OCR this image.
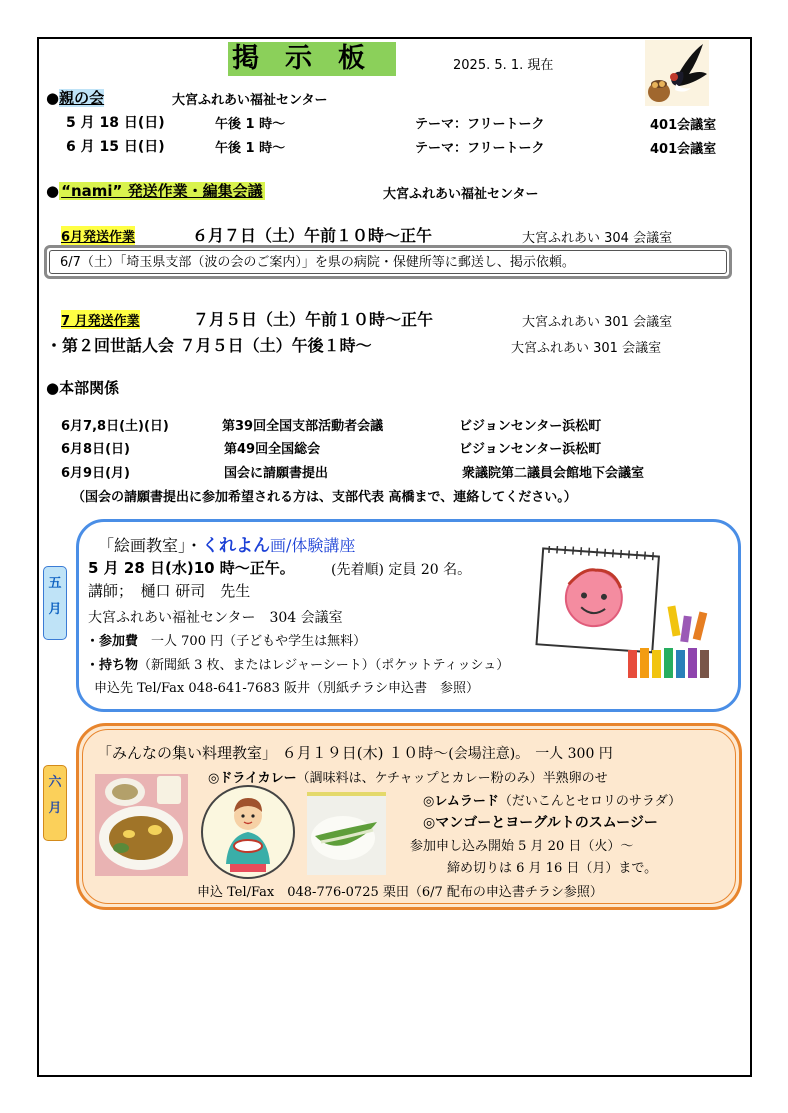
掲示板	2025. 5. 1. 現在
●親の会	大宮ふれあい福祉センター
5 月 18 日(日)	午後 1 時～	テーマ：フリートーク	401会議室
6 月 15 日(日)	午後 1 時～	テーマ：フリートーク	401会議室
● “nami” 発送作業・編集会議	大宮ふれあい福祉センター
6月発送作業	６月７日（土）午前１０時～正午	大宮ふれあい 304 会議室
6/7（土）「埼玉県支部（波の会のご案内）」を県の病院・保健所等に郵送し、掲示依頼。
7 月発送作業	７月５日（土）午前１０時～正午	大宮ふれあい 301 会議室
・第２回世話人会 ７月５日（土）午後１時～	大宮ふれあい 301 会議室
●本部関係
6月7,8日(土)(日)	第39回全国支部活動者会議	ビジョンセンター浜松町
6月8日(日)	第49回全国総会	ビジョンセンター浜松町
6月9日(月)	国会に請願書提出	衆議院第二議員会館地下会議室
（国会の請願書提出に参加希望される方は、支部代表 高橋まで、連絡してください。）
五
月
「絵画教室」・くれよん画/体験講座
5 月 28 日(水)10 時～正午。	(先着順) 定員 20 名。
講師；　樋口 研司　先生
大宮ふれあい福祉センター　304 会議室
・参加費　一人 700 円（子どもや学生は無料）
・持ち物（新聞紙 3 枚、またはレジャーシート）（ポケットティッシュ）
申込先 Tel/Fax 048-641-7683 阪井（別紙チラシ申込書　参照）
六
月
「みんなの集い料理教室」 ６月１９日(木) １０時～(会場注意)。 一人 300 円
◎ドライカレー（調味料は、ケチャップとカレー粉のみ）半熟卵のせ
◎レムラード（だいこんとセロリのサラダ）
◎マンゴーとヨーグルトのスムージー
参加申し込み開始 5 月 20 日（火）～
締め切りは 6 月 16 日（月）まで。
申込 Tel/Fax　048-776-0725 栗田（6/7 配布の申込書チラシ参照）
